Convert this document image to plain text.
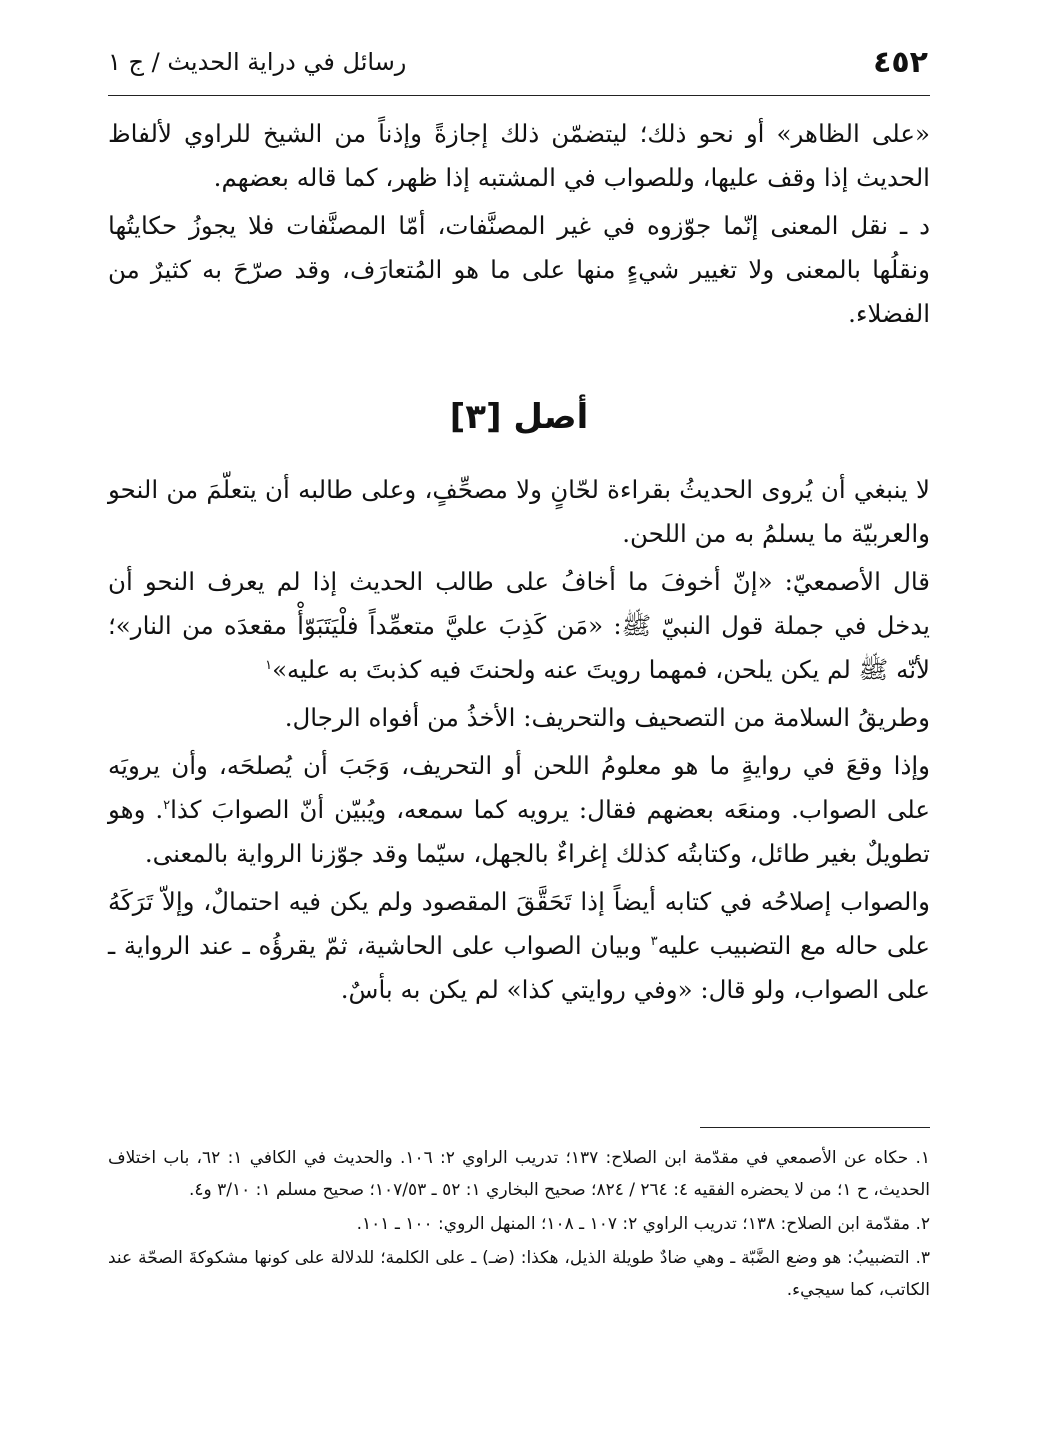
٤٥٢
رسائل في دراية الحديث / ج ١

«على الظاهر» أو نحو ذلك؛ ليتضمّن ذلك إجازةً وإذناً من الشيخ للراوي لألفاظ الحديث إذا وقف عليها، وللصواب في المشتبه إذا ظهر، كما قاله بعضهم.

د ـ نقل المعنى إنّما جوّزوه في غير المصنَّفات، أمّا المصنَّفات فلا يجوزُ حكايتُها ونقلُها بالمعنى ولا تغيير شيءٍ منها على ما هو المُتعارَف، وقد صرّحَ به كثيرٌ من الفضلاء.

أصل [٣]

لا ينبغي أن يُروى الحديثُ بقراءة لحّانٍ ولا مصحِّفٍ، وعلى طالبه أن يتعلّمَ من النحو والعربيّة ما يسلمُ به من اللحن.

قال الأصمعيّ: «إنّ أخوفَ ما أخافُ على طالب الحديث إذا لم يعرف النحو أن يدخل في جملة قول النبيّ ﷺ: «مَن كَذِبَ عليَّ متعمِّداً فلْيَتَبَوّأْ مقعدَه من النار»؛ لأنّه ﷺ لم يكن يلحن، فمهما رويتَ عنه ولحنتَ فيه كذبتَ به عليه»$^١$

وطريقُ السلامة من التصحيف والتحريف: الأخذُ من أفواه الرجال.

وإذا وقعَ في روايةٍ ما هو معلومُ اللحن أو التحريف، وَجَبَ أن يُصلحَه، وأن يرويَه على الصواب. ومنعَه بعضهم فقال: يرويه كما سمعه، ويُبيّن أنّ الصوابَ كذا$^٢$. وهو تطويلٌ بغير طائل، وكتابتُه كذلك إغراءٌ بالجهل، سيّما وقد جوّزنا الرواية بالمعنى.

والصواب إصلاحُه في كتابه أيضاً إذا تَحَقَّقَ المقصود ولم يكن فيه احتمالٌ، وإلاّ تَرَكَهُ على حاله مع التضبيب عليه$^٣$ وبيان الصواب على الحاشية، ثمّ يقرؤُه ـ عند الرواية ـ على الصواب، ولو قال: «وفي روايتي كذا» لم يكن به بأسٌ.

١. حكاه عن الأصمعي في مقدّمة ابن الصلاح: ١٣٧؛ تدريب الراوي ٢: ١٠٦. والحديث في الكافي ١: ٦٢، باب اختلاف الحديث، ح ١؛ من لا يحضره الفقيه ٤: ٢٦٤ / ٨٢٤؛ صحيح البخاري ١: ٥٢ ـ ١٠٧/٥٣؛ صحيح مسلم ١: ٣/١٠ و٤.

٢. مقدّمة ابن الصلاح: ١٣٨؛ تدريب الراوي ٢: ١٠٧ ـ ١٠٨؛ المنهل الروي: ١٠٠ ـ ١٠١.

٣. التضبيبُ: هو وضع الضَّبّة ـ وهي ضادٌ طويلة الذيل، هكذا: (ضـ) ـ على الكلمة؛ للدلالة على كونها مشكوكةَ الصحّة عند الكاتب، كما سيجيء.
